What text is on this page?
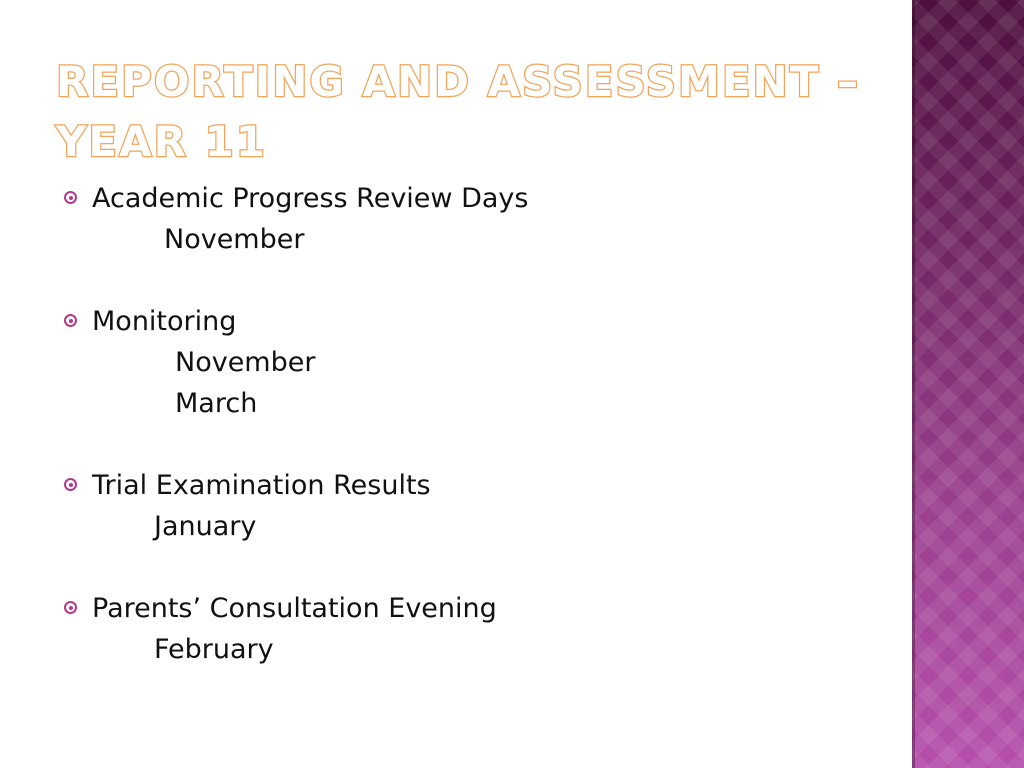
REPORTING AND ASSESSMENT – YEAR 11
Academic Progress Review Days
November
Monitoring
November
March
Trial Examination Results
January
Parents’ Consultation Evening
February
